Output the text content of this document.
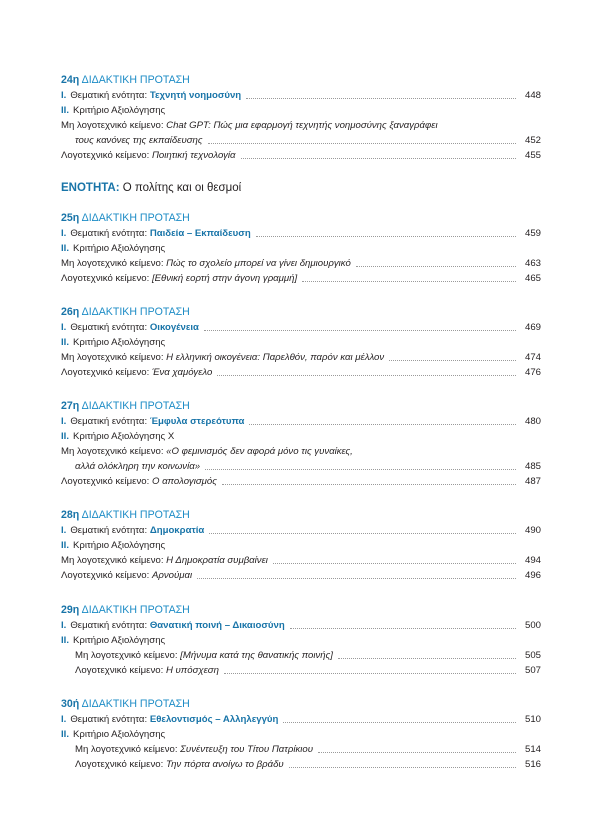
ΕΝΟΤΗΤΑ: Ο πολίτης και οι θεσμοί
24η ΔΙΔΑΚΤΙΚΗ ΠΡΟΤΑΣΗ
I. Θεματική ενότητα:
Τεχνητή νοημοσύνη	448
II. Κριτήριο Αξιολόγησης
Μη λογοτεχνικό κείμενο:
Chat GPT: Πώς μια εφαρμογή τεχνητής νοημοσύνης ξαναγράφει
τους κανόνες της εκπαίδευσης	452
Λογοτεχνικό κείμενο:
Ποιητική τεχνολογία	455
25η ΔΙΔΑΚΤΙΚΗ ΠΡΟΤΑΣΗ
I. Θεματική ενότητα:
Παιδεία – Εκπαίδευση	459
II. Κριτήριο Αξιολόγησης
Μη λογοτεχνικό κείμενο:
Πώς το σχολείο μπορεί να γίνει δημιουργικό	463
Λογοτεχνικό κείμενο:
[Εθνική εορτή στην άγονη γραμμή]	465
26η ΔΙΔΑΚΤΙΚΗ ΠΡΟΤΑΣΗ
I. Θεματική ενότητα:
Οικογένεια	469
II. Κριτήριο Αξιολόγησης
Μη λογοτεχνικό κείμενο:
Η ελληνική οικογένεια: Παρελθόν, παρόν και μέλλον	474
Λογοτεχνικό κείμενο:
Ένα χαμόγελο	476
27η ΔΙΔΑΚΤΙΚΗ ΠΡΟΤΑΣΗ
I. Θεματική ενότητα:
Έμφυλα στερεότυπα	480
II. Κριτήριο Αξιολόγησης Χ
Μη λογοτεχνικό κείμενο:
«Ο φεμινισμός δεν αφορά μόνο τις γυναίκες,
αλλά ολόκληρη την κοινωνία»	485
Λογοτεχνικό κείμενο:
Ο απολογισμός	487
28η ΔΙΔΑΚΤΙΚΗ ΠΡΟΤΑΣΗ
I. Θεματική ενότητα:
Δημοκρατία	490
II. Κριτήριο Αξιολόγησης
Μη λογοτεχνικό κείμενο:
Η Δημοκρατία συμβαίνει	494
Λογοτεχνικό κείμενο:
Αρνούμαι	496
29η ΔΙΔΑΚΤΙΚΗ ΠΡΟΤΑΣΗ
I. Θεματική ενότητα:
Θανατική ποινή – Δικαιοσύνη	500
II. Κριτήριο Αξιολόγησης
Μη λογοτεχνικό κείμενο:
[Μήνυμα κατά της θανατικής ποινής]	505
Λογοτεχνικό κείμενο:
Η υπόσχεση	507
30ή ΔΙΔΑΚΤΙΚΗ ΠΡΟΤΑΣΗ
I. Θεματική ενότητα:
Εθελοντισμός – Αλληλεγγύη	510
II. Κριτήριο Αξιολόγησης
Μη λογοτεχνικό κείμενο:
Συνέντευξη του Τίτου Πατρίκιου	514
Λογοτεχνικό κείμενο:
Την πόρτα ανοίγω το βράδυ	516
